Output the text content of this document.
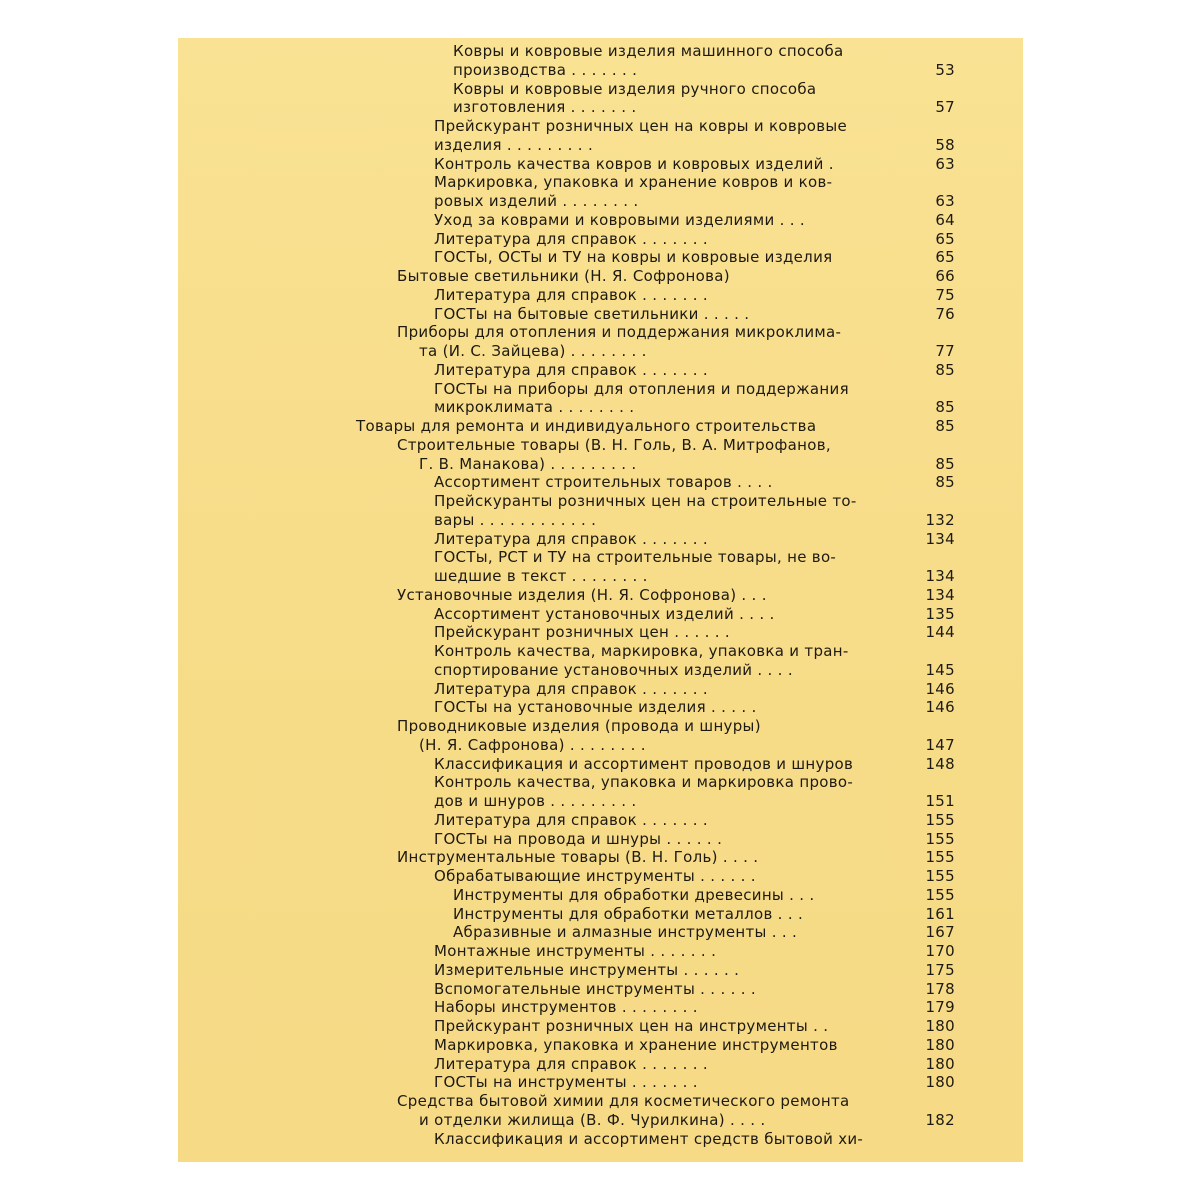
Ковры и ковровые изделия машинного способа
производства . . . . . . .	53
Ковры и ковровые изделия ручного способа
изготовления . . . . . . .	57
Прейскурант розничных цен на ковры и ковровые
изделия . . . . . . . . .	58
Контроль качества ковров и ковровых изделий .	63
Маркировка, упаковка и хранение ковров и ков-
ровых изделий . . . . . . . .	63
Уход за коврами и ковровыми изделиями . . .	64
Литература для справок . . . . . . .	65
ГОСТы, ОСТы и ТУ на ковры и ковровые изделия	65
Бытовые светильники (Н. Я. Софронова)	66
Литература для справок . . . . . . .	75
ГОСТы на бытовые светильники . . . . .	76
Приборы для отопления и поддержания микроклима-
та (И. С. Зайцева) . . . . . . . .	77
Литература для справок . . . . . . .	85
ГОСТы на приборы для отопления и поддержания
микроклимата . . . . . . . .	85
Товары для ремонта и индивидуального строительства	85
Строительные товары (В. Н. Голь, В. А. Митрофанов,
Г. В. Манакова) . . . . . . . . .	85
Ассортимент строительных товаров . . . .	85
Прейскуранты розничных цен на строительные то-
вары . . . . . . . . . . . .	132
Литература для справок . . . . . . .	134
ГОСТы, РСТ и ТУ на строительные товары, не во-
шедшие в текст . . . . . . . .	134
Установочные изделия (Н. Я. Софронова) . . .	134
Ассортимент установочных изделий . . . .	135
Прейскурант розничных цен . . . . . .	144
Контроль качества, маркировка, упаковка и тран-
спортирование установочных изделий . . . .	145
Литература для справок . . . . . . .	146
ГОСТы на установочные изделия . . . . .	146
Проводниковые изделия (провода и шнуры)
(Н. Я. Сафронова) . . . . . . . .	147
Классификация и ассортимент проводов и шнуров	148
Контроль качества, упаковка и маркировка прово-
дов и шнуров . . . . . . . . .	151
Литература для справок . . . . . . .	155
ГОСТы на провода и шнуры . . . . . .	155
Инструментальные товары (В. Н. Голь) . . . .	155
Обрабатывающие инструменты . . . . . .	155
Инструменты для обработки древесины . . .	155
Инструменты для обработки металлов . . .	161
Абразивные и алмазные инструменты . . .	167
Монтажные инструменты . . . . . . .	170
Измерительные инструменты . . . . . .	175
Вспомогательные инструменты . . . . . .	178
Наборы инструментов . . . . . . . .	179
Прейскурант розничных цен на инструменты . .	180
Маркировка, упаковка и хранение инструментов	180
Литература для справок . . . . . . .	180
ГОСТы на инструменты . . . . . . .	180
Средства бытовой химии для косметического ремонта
и отделки жилища (В. Ф. Чурилкина) . . . .	182
Классификация и ассортимент средств бытовой хи-
